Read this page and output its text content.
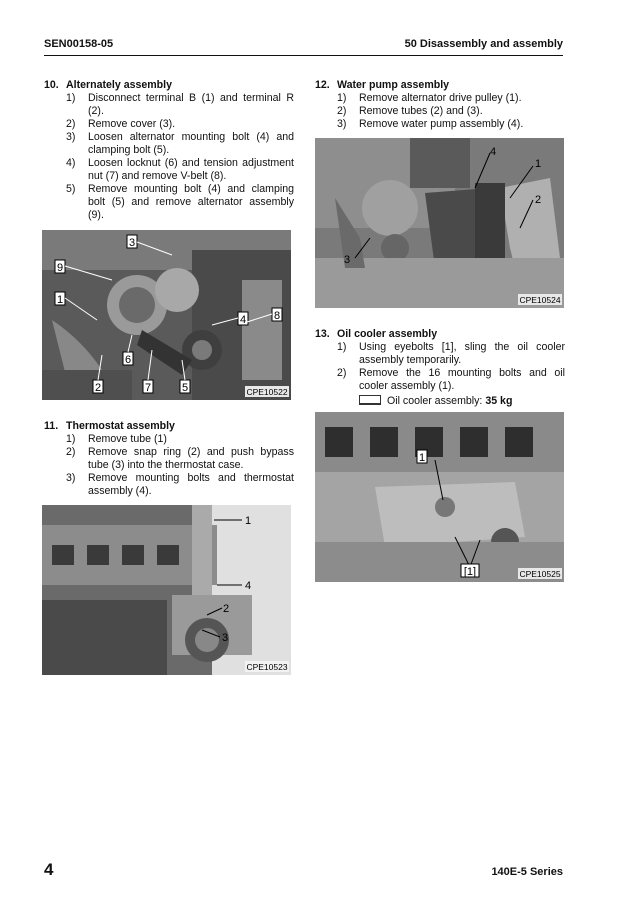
SEN00158-05	50 Disassembly and assembly

10. Alternately assembly

1)	Disconnect terminal B (1) and terminal R (2).
2)	Remove cover (3).
3)	Loosen alternator mounting bolt (4) and clamping bolt (5).
4)	Loosen locknut (6) and tension adjustment nut (7) and remove V-belt (8).
5)	Remove mounting bolt (4) and clamping bolt (5) and remove alternator assembly (9).
3
9
1
4	8
6
2	7	5	CPE10522

11. Thermostat assembly

1)	Remove tube (1)
2)	Remove snap ring (2) and push bypass tube (3) into the thermostat case.
3)	Remove mounting bolts and thermostat assembly (4).
1
4
2
3
CPE10523

12. Water pump assembly

1)	Remove alternator drive pulley (1).
2)	Remove tubes (2) and (3).
3)	Remove water pump assembly (4).
4
1
2
3
CPE10524

13. Oil cooler assembly

1)	Using eyebolts [1], sling the oil cooler assembly temporarily.
2)	Remove the 16 mounting bolts and oil cooler assembly (1).
Oil cooler assembly: 35 kg
1
[1]	CPE10525
4	140E-5 Series
